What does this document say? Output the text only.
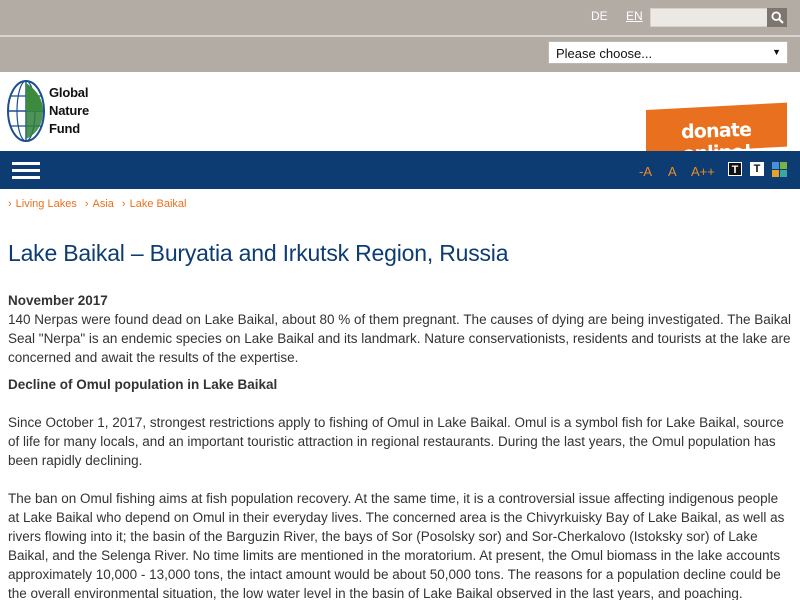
DE EN
Please choose...	▼
Global
Nature
Fund	donate
-A A A++	T	T
› Living Lakes › Asia › Lake Baikal
Lake Baikal – Buryatia and Irkutsk Region, Russia

November 2017

140 Nerpas were found dead on Lake Baikal, about 80 % of them pregnant. The causes of dying are being investigated. The Baikal Seal "Nerpa" is an endemic species on Lake Baikal and its landmark. Nature conservationists, residents and tourists at the lake are concerned and await the results of the expertise.

Decline of Omul population in Lake Baikal

Since October 1, 2017, strongest restrictions apply to fishing of Omul in Lake Baikal. Omul is a symbol fish for Lake Baikal, source of life for many locals, and an important touristic attraction in regional restaurants. During the last years, the Omul population has been rapidly declining.

The ban on Omul fishing aims at fish population recovery. At the same time, it is a controversial issue affecting indigenous people at Lake Baikal who depend on Omul in their everyday lives. The concerned area is the Chivyrkuisky Bay of Lake Baikal, as well as rivers flowing into it; the basin of the Barguzin River, the bays of Sor (Posolsky sor) and Sor-Cherkalovo (Istoksky sor) of Lake Baikal, and the Selenga River. No time limits are mentioned in the moratorium. At present, the Omul biomass in the lake accounts approximately 10,000 - 13,000 tons, the intact amount would be about 50,000 tons. The reasons for a population decline could be the overall environmental situation, the low water level in the basin of Lake Baikal observed in the last years, and poaching.
